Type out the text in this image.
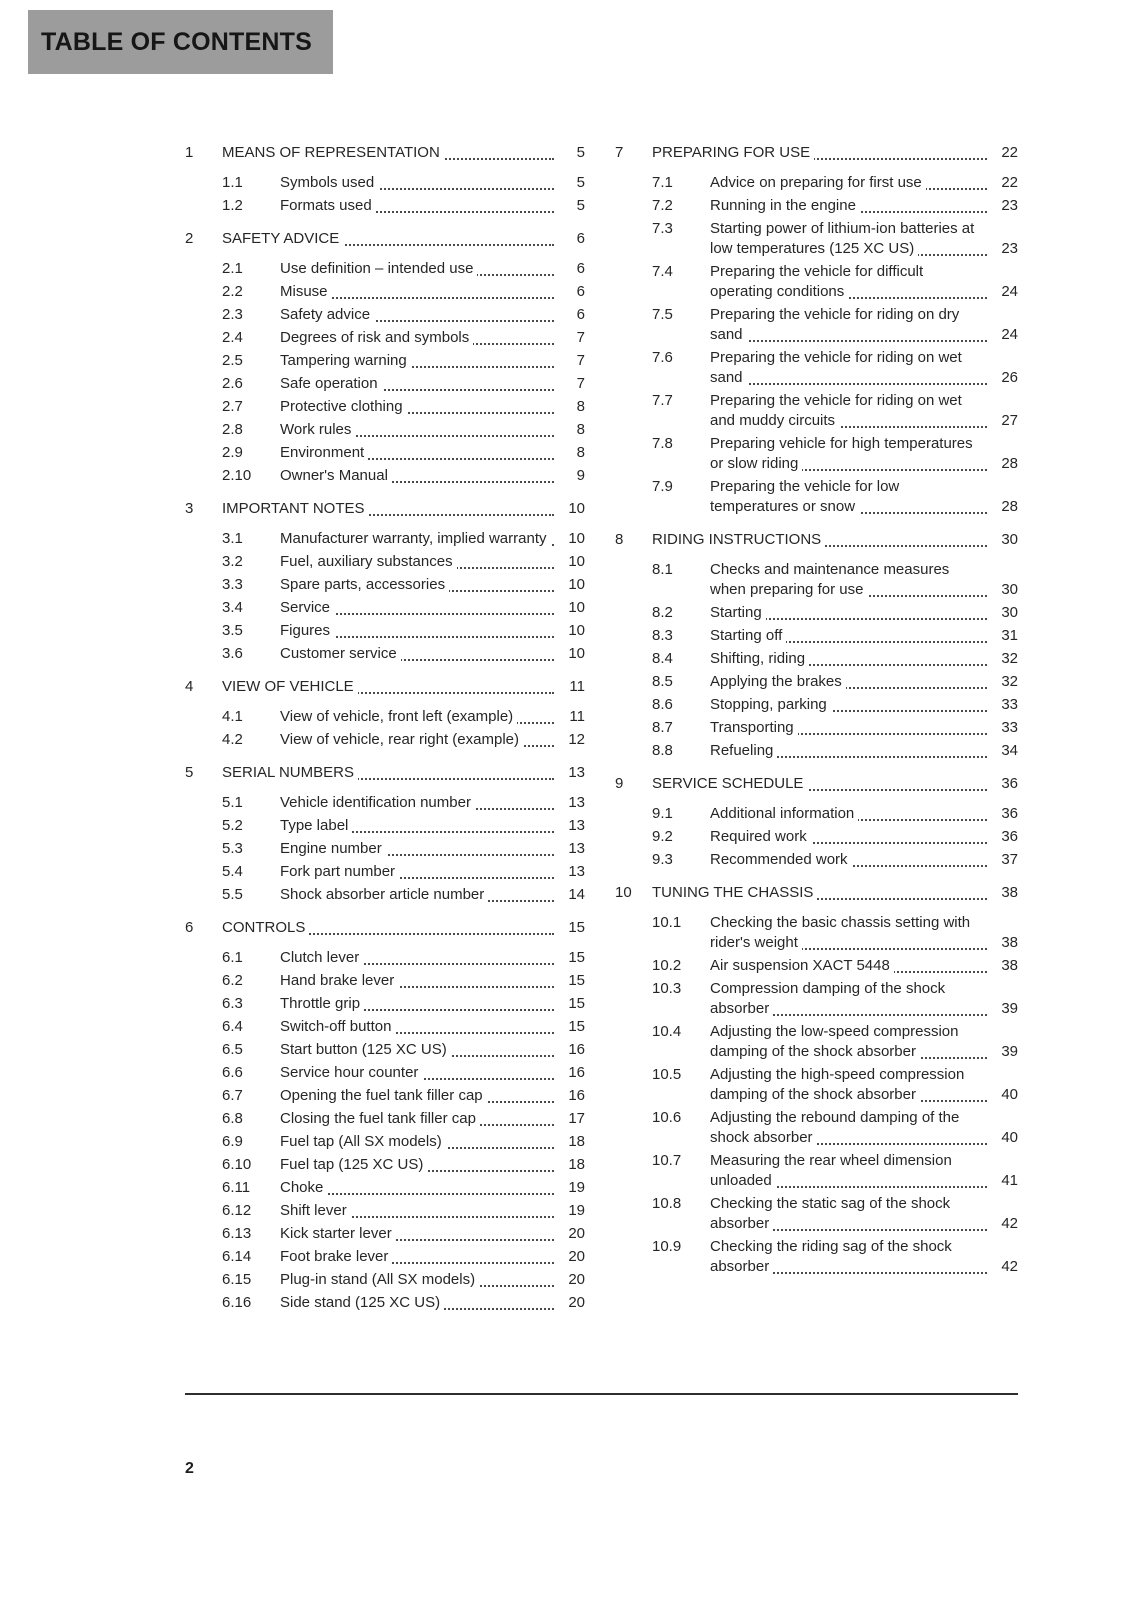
TABLE OF CONTENTS
1	MEANS OF REPRESENTATION	5
1.1	Symbols used	5
1.2	Formats used	5
2	SAFETY ADVICE	6
2.1	Use definition – intended use	6
2.2	Misuse	6
2.3	Safety advice	6
2.4	Degrees of risk and symbols	7
2.5	Tampering warning	7
2.6	Safe operation	7
2.7	Protective clothing	8
2.8	Work rules	8
2.9	Environment	8
2.10	Owner's Manual	9
3	IMPORTANT NOTES	10
3.1	Manufacturer warranty, implied warranty	10
3.2	Fuel, auxiliary substances	10
3.3	Spare parts, accessories	10
3.4	Service	10
3.5	Figures	10
3.6	Customer service	10
4	VIEW OF VEHICLE	11
4.1	View of vehicle, front left (example)	11
4.2	View of vehicle, rear right (example)	12
5	SERIAL NUMBERS	13
5.1	Vehicle identification number	13
5.2	Type label	13
5.3	Engine number	13
5.4	Fork part number	13
5.5	Shock absorber article number	14
6	CONTROLS	15
6.1	Clutch lever	15
6.2	Hand brake lever	15
6.3	Throttle grip	15
6.4	Switch-off button	15
6.5	Start button (125 XC US)	16
6.6	Service hour counter	16
6.7	Opening the fuel tank filler cap	16
6.8	Closing the fuel tank filler cap	17
6.9	Fuel tap (All SX models)	18
6.10	Fuel tap (125 XC US)	18
6.11	Choke	19
6.12	Shift lever	19
6.13	Kick starter lever	20
6.14	Foot brake lever	20
6.15	Plug-in stand (All SX models)	20
6.16	Side stand (125 XC US)	20
7	PREPARING FOR USE	22
7.1	Advice on preparing for first use	22
7.2	Running in the engine	23
7.3	Starting power of lithium-ion batteries at low temperatures (125 XC US)	23
7.4	Preparing the vehicle for difficult operating conditions	24
7.5	Preparing the vehicle for riding on dry sand	24
7.6	Preparing the vehicle for riding on wet sand	26
7.7	Preparing the vehicle for riding on wet and muddy circuits	27
7.8	Preparing vehicle for high temperatures or slow riding	28
7.9	Preparing the vehicle for low temperatures or snow	28
8	RIDING INSTRUCTIONS	30
8.1	Checks and maintenance measures when preparing for use	30
8.2	Starting	30
8.3	Starting off	31
8.4	Shifting, riding	32
8.5	Applying the brakes	32
8.6	Stopping, parking	33
8.7	Transporting	33
8.8	Refueling	34
9	SERVICE SCHEDULE	36
9.1	Additional information	36
9.2	Required work	36
9.3	Recommended work	37
10	TUNING THE CHASSIS	38
10.1	Checking the basic chassis setting with rider's weight	38
10.2	Air suspension XACT 5448	38
10.3	Compression damping of the shock absorber	39
10.4	Adjusting the low-speed compression damping of the shock absorber	39
10.5	Adjusting the high-speed compression damping of the shock absorber	40
10.6	Adjusting the rebound damping of the shock absorber	40
10.7	Measuring the rear wheel dimension unloaded	41
10.8	Checking the static sag of the shock absorber	42
10.9	Checking the riding sag of the shock absorber	42
2
